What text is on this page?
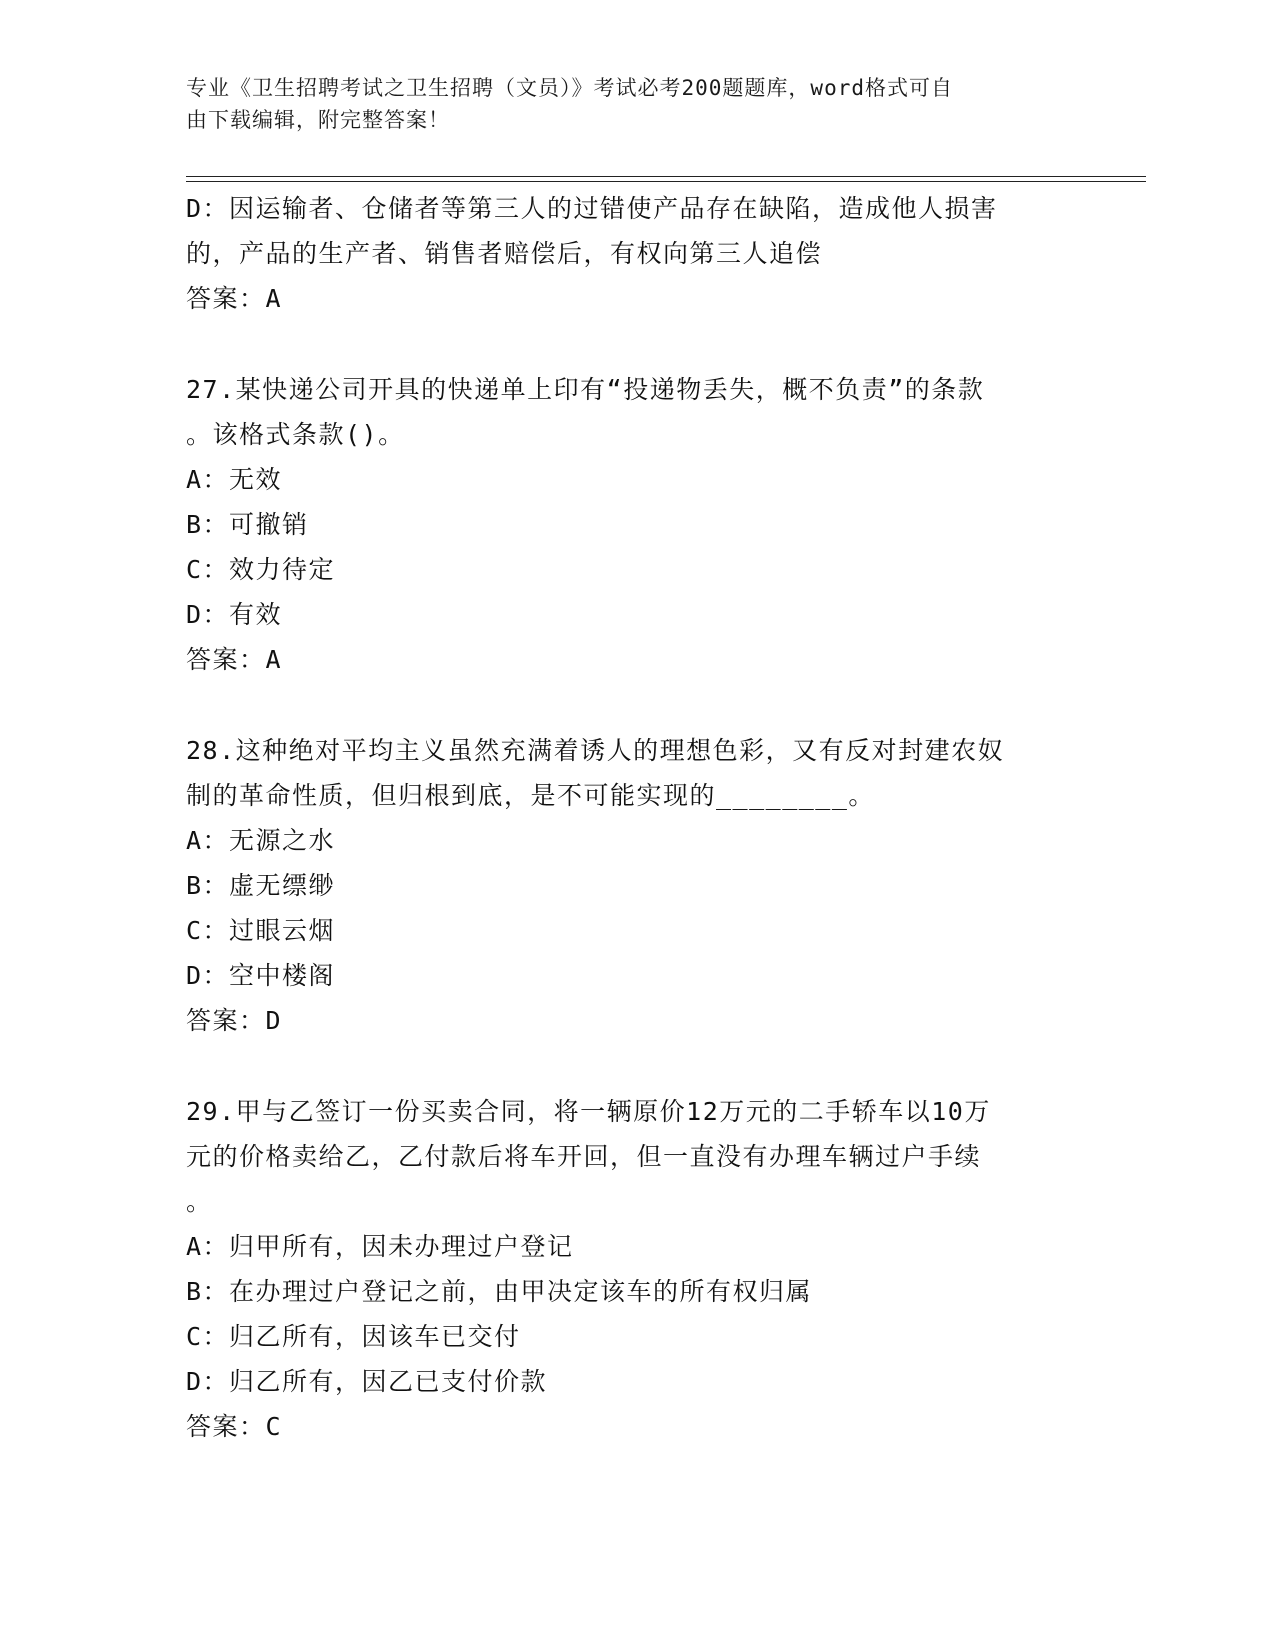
专业《卫生招聘考试之卫生招聘（文员）》考试必考200题题库，word格式可自
由下载编辑，附完整答案！
D：因运输者、仓储者等第三人的过错使产品存在缺陷，造成他人损害
的，产品的生产者、销售者赔偿后，有权向第三人追偿
答案：A
27.某快递公司开具的快递单上印有“投递物丢失，概不负责”的条款
。该格式条款()。
A：无效
B：可撤销
C：效力待定
D：有效
答案：A
28.这种绝对平均主义虽然充满着诱人的理想色彩，又有反对封建农奴
制的革命性质，但归根到底，是不可能实现的________。
A：无源之水
B：虚无缥缈
C：过眼云烟
D：空中楼阁
答案：D
29.甲与乙签订一份买卖合同，将一辆原价12万元的二手轿车以10万
元的价格卖给乙，乙付款后将车开回，但一直没有办理车辆过户手续
。
A：归甲所有，因未办理过户登记
B：在办理过户登记之前，由甲决定该车的所有权归属
C：归乙所有，因该车已交付
D：归乙所有，因乙已支付价款
答案：C
